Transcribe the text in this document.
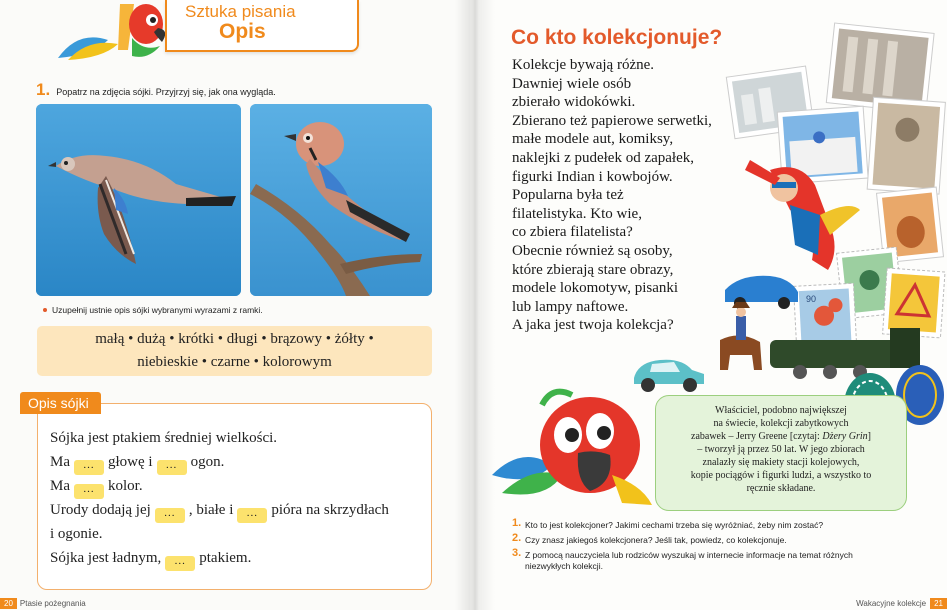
Sztuka pisania
Opis
1. Popatrz na zdjęcia sójki. Przyjrzyj się, jak ona wygląda.
Uzupełnij ustnie opis sójki wybranymi wyrazami z ramki.
małą • dużą • krótki • długi • brązowy • żółty •
niebieskie • czarne • kolorowym
Sójka jest ptakiem średniej wielkości.
Ma ... głowę i ... ogon.
Ma ... kolor.
Urody dodają jej ... , białe i ... pióra na skrzydłach
i ogonie.
Sójka jest ładnym, ... ptakiem.
Opis sójki
20 Ptasie pożegnania
Co kto kolekcjonuje?
Kolekcje bywają różne.
Dawniej wiele osób
zbierało widokówki.
Zbierano też papierowe serwetki,
małe modele aut, komiksy,
naklejki z pudełek od zapałek,
figurki Indian i kowbojów.
Popularna była też
filatelistyka. Kto wie,
co zbiera filatelista?
Obecnie również są osoby,
które zbierają stare obrazy,
modele lokomotyw, pisanki
lub lampy naftowe.
A jaka jest twoja kolekcja?
90
Właściciel, podobno największej
na świecie, kolekcji zabytkowych
zabawek – Jerry Greene [czytaj: Dżery Grin]
– tworzył ją przez 50 lat. W jego zbiorach
znalazły się makiety stacji kolejowych,
kopie pociągów i figurki ludzi, a wszystko to
ręcznie składane.
1. Kto to jest kolekcjoner? Jakimi cechami trzeba się wyróżniać, żeby nim zostać?
2. Czy znasz jakiegoś kolekcjonera? Jeśli tak, powiedz, co kolekcjonuje.
3. Z pomocą nauczyciela lub rodziców wyszukaj w internecie informacje na temat różnych
niezwykłych kolekcji.
Wakacyjne kolekcje 21
